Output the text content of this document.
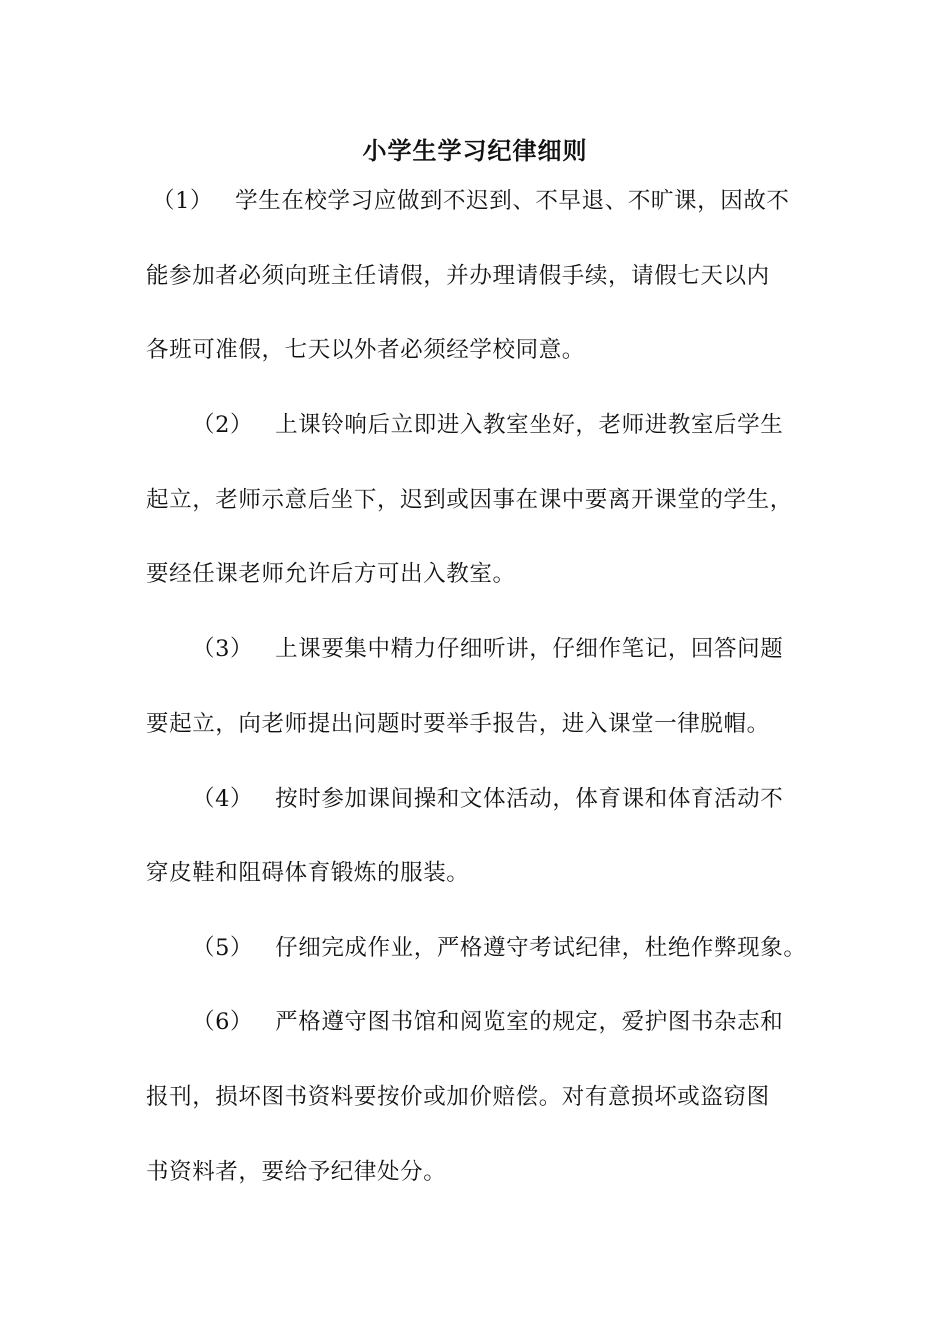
小学生学习纪律细则
（1） 学生在校学习应做到不迟到、不早退、不旷课，因故不
能参加者必须向班主任请假，并办理请假手续，请假七天以内
各班可准假，七天以外者必须经学校同意。
（2） 上课铃响后立即进入教室坐好，老师进教室后学生
起立，老师示意后坐下，迟到或因事在课中要离开课堂的学生，
要经任课老师允许后方可出入教室。
（3） 上课要集中精力仔细听讲，仔细作笔记，回答问题
要起立，向老师提出问题时要举手报告，进入课堂一律脱帽。
（4） 按时参加课间操和文体活动，体育课和体育活动不
穿皮鞋和阻碍体育锻炼的服装。
（5） 仔细完成作业，严格遵守考试纪律，杜绝作弊现象。
（6） 严格遵守图书馆和阅览室的规定，爱护图书杂志和
报刊，损坏图书资料要按价或加价赔偿。对有意损坏或盗窃图
书资料者，要给予纪律处分。
